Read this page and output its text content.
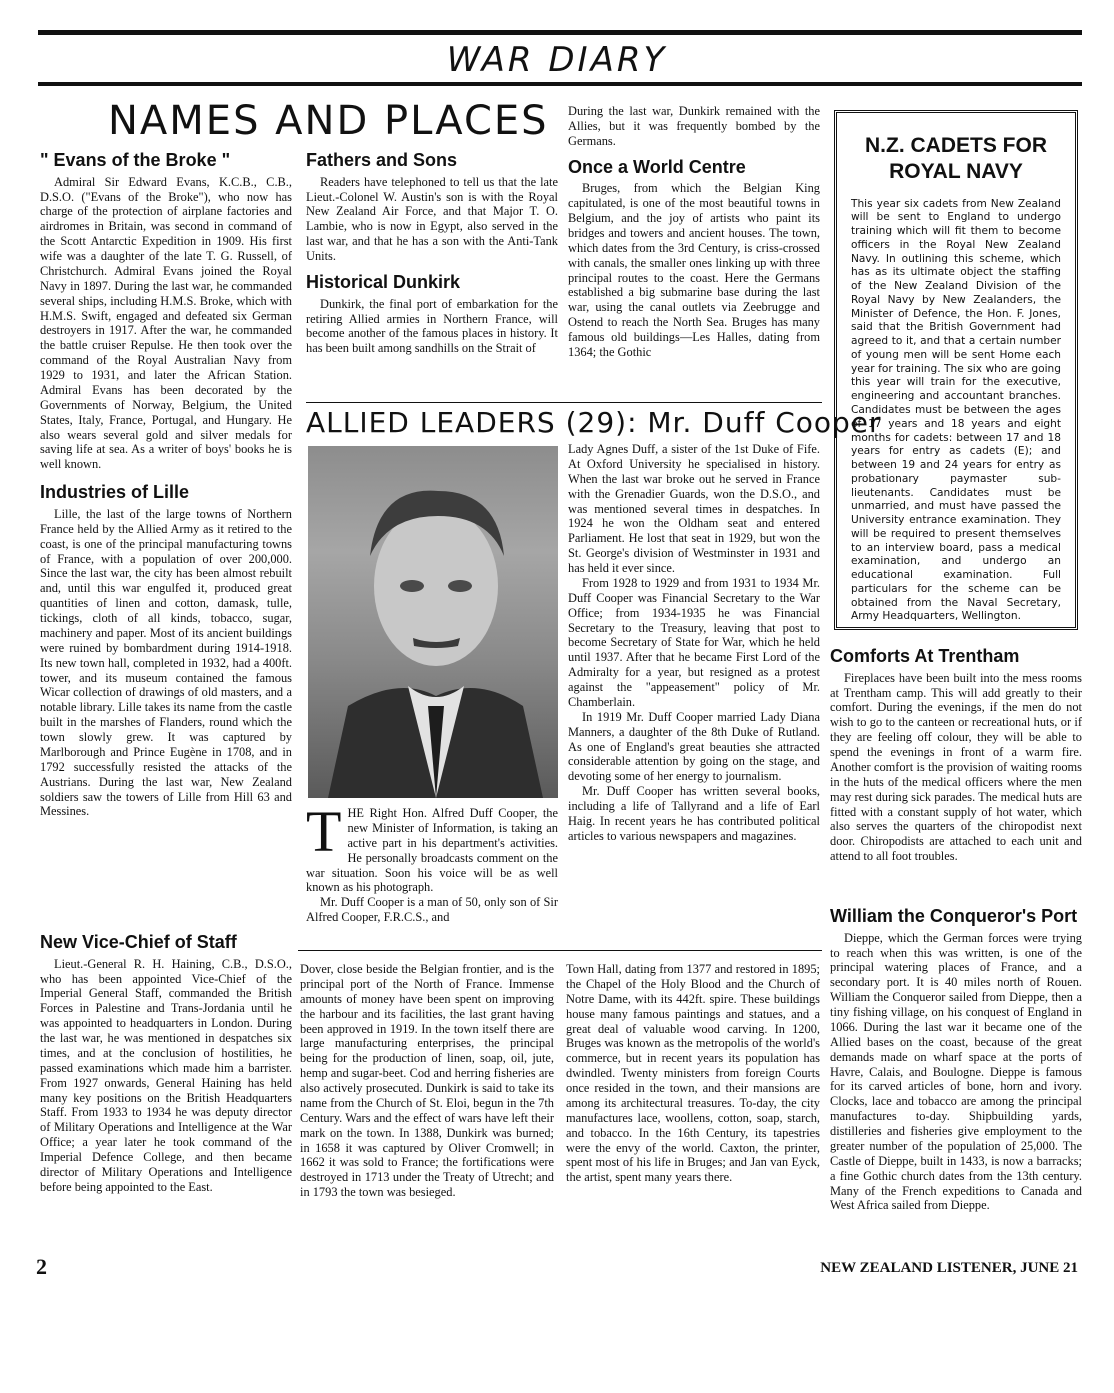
WAR DIARY
NAMES AND PLACES
" Evans of the Broke "

Admiral Sir Edward Evans, K.C.B., C.B., D.S.O. ("Evans of the Broke"), who now has charge of the protection of airplane factories and airdromes in Britain, was second in command of the Scott Antarctic Expedition in 1909. His first wife was a daughter of the late T. G. Russell, of Christchurch. Admiral Evans joined the Royal Navy in 1897. During the last war, he commanded several ships, including H.M.S. Broke, which with H.M.S. Swift, engaged and defeated six German destroyers in 1917. After the war, he commanded the battle cruiser Repulse. He then took over the command of the Royal Australian Navy from 1929 to 1931, and later the African Station. Admiral Evans has been decorated by the Governments of Norway, Belgium, the United States, Italy, France, Portugal, and Hungary. He also wears several gold and silver medals for saving life at sea. As a writer of boys' books he is well known.

Industries of Lille

Lille, the last of the large towns of Northern France held by the Allied Army as it retired to the coast, is one of the principal manufacturing towns of France, with a population of over 200,000. Since the last war, the city has been almost rebuilt and, until this war engulfed it, produced great quantities of linen and cotton, damask, tulle, tickings, cloth of all kinds, tobacco, sugar, machinery and paper. Most of its ancient buildings were ruined by bombardment during 1914-1918. Its new town hall, completed in 1932, had a 400ft. tower, and its museum contained the famous Wicar collection of drawings of old masters, and a notable library. Lille takes its name from the castle built in the marshes of Flanders, round which the town slowly grew. It was captured by Marlborough and Prince Eugène in 1708, and in 1792 successfully resisted the attacks of the Austrians. During the last war, New Zealand soldiers saw the towers of Lille from Hill 63 and Messines.

New Vice-Chief of Staff

Lieut.-General R. H. Haining, C.B., D.S.O., who has been appointed Vice-Chief of the Imperial General Staff, commanded the British Forces in Palestine and Trans-Jordania until he was appointed to headquarters in London. During the last war, he was mentioned in despatches six times, and at the conclusion of hostilities, he passed examinations which made him a barrister. From 1927 onwards, General Haining has held many key positions on the British Headquarters Staff. From 1933 to 1934 he was deputy director of Military Operations and Intelligence at the War Office; a year later he took command of the Imperial Defence College, and then became director of Military Operations and Intelligence before being appointed to the East.

Fathers and Sons

Readers have telephoned to tell us that the late Lieut.-Colonel W. Austin's son is with the Royal New Zealand Air Force, and that Major T. O. Lambie, who is now in Egypt, also served in the last war, and that he has a son with the Anti-Tank Units.

Historical Dunkirk

Dunkirk, the final port of embarkation for the retiring Allied armies in Northern France, will become another of the famous places in history. It has been built among sandhills on the Strait of

During the last war, Dunkirk remained with the Allies, but it was frequently bombed by the Germans.

Once a World Centre

Bruges, from which the Belgian King capitulated, is one of the most beautiful towns in Belgium, and the joy of artists who paint its bridges and towers and ancient houses. The town, which dates from the 3rd Century, is criss-crossed with canals, the smaller ones linking up with three principal routes to the coast. Here the Germans established a big submarine base during the last war, using the canal outlets via Zeebrugge and Ostend to reach the North Sea. Bruges has many famous old buildings—Les Halles, dating from 1364; the Gothic

ALLIED LEADERS (29): Mr. Duff Cooper
T HE Right Hon. Alfred Duff Cooper, the new Minister of Information, is taking an active part in his department's activities. He personally broadcasts comment on the war situation. Soon his voice will be as well known as his photograph.

Mr. Duff Cooper is a man of 50, only son of Sir Alfred Cooper, F.R.C.S., and

Lady Agnes Duff, a sister of the 1st Duke of Fife. At Oxford University he specialised in history. When the last war broke out he served in France with the Grenadier Guards, won the D.S.O., and was mentioned several times in despatches. In 1924 he won the Oldham seat and entered Parliament. He lost that seat in 1929, but won the St. George's division of Westminster in 1931 and has held it ever since.

From 1928 to 1929 and from 1931 to 1934 Mr. Duff Cooper was Financial Secretary to the War Office; from 1934-1935 he was Financial Secretary to the Treasury, leaving that post to become Secretary of State for War, which he held until 1937. After that he became First Lord of the Admiralty for a year, but resigned as a protest against the "appeasement" policy of Mr. Chamberlain.

In 1919 Mr. Duff Cooper married Lady Diana Manners, a daughter of the 8th Duke of Rutland. As one of England's great beauties she attracted considerable attention by going on the stage, and devoting some of her energy to journalism.

Mr. Duff Cooper has written several books, including a life of Tallyrand and a life of Earl Haig. In recent years he has contributed political articles to various newspapers and magazines.

N.Z. CADETS FOR
ROYAL NAVY

This year six cadets from New Zealand will be sent to England to undergo training which will fit them to become officers in the Royal New Zealand Navy. In outlining this scheme, which has as its ultimate object the staffing of the New Zealand Division of the Royal Navy by New Zealanders, the Minister of Defence, the Hon. F. Jones, said that the British Government had agreed to it, and that a certain number of young men will be sent Home each year for training. The six who are going this year will train for the executive, engineering and accountant branches. Candidates must be between the ages of 17 years and 18 years and eight months for cadets: between 17 and 18 years for entry as cadets (E); and between 19 and 24 years for entry as probationary paymaster sub-lieutenants. Candidates must be unmarried, and must have passed the University entrance examination. They will be required to present themselves to an interview board, pass a medical examination, and undergo an educational examination. Full particulars for the scheme can be obtained from the Naval Secretary, Army Headquarters, Wellington.

Comforts At Trentham

Fireplaces have been built into the mess rooms at Trentham camp. This will add greatly to their comfort. During the evenings, if the men do not wish to go to the canteen or recreational huts, or if they are feeling off colour, they will be able to spend the evenings in front of a warm fire. Another comfort is the provision of waiting rooms in the huts of the medical officers where the men may rest during sick parades. The medical huts are fitted with a constant supply of hot water, which also serves the quarters of the chiropodist next door. Chiropodists are attached to each unit and attend to all foot troubles.

William the Conqueror's Port

Dieppe, which the German forces were trying to reach when this was written, is one of the principal watering places of France, and a secondary port. It is 40 miles north of Rouen. William the Conqueror sailed from Dieppe, then a tiny fishing village, on his conquest of England in 1066. During the last war it became one of the Allied bases on the coast, because of the great demands made on wharf space at the ports of Havre, Calais, and Boulogne. Dieppe is famous for its carved articles of bone, horn and ivory. Clocks, lace and tobacco are among the principal manufactures to-day. Shipbuilding yards, distilleries and fisheries give employment to the greater number of the population of 25,000. The Castle of Dieppe, built in 1433, is now a barracks; a fine Gothic church dates from the 13th century. Many of the French expeditions to Canada and West Africa sailed from Dieppe.

Dover, close beside the Belgian frontier, and is the principal port of the North of France. Immense amounts of money have been spent on improving the harbour and its facilities, the last grant having been approved in 1919. In the town itself there are large manufacturing enterprises, the principal being for the production of linen, soap, oil, jute, hemp and sugar-beet. Cod and herring fisheries are also actively prosecuted. Dunkirk is said to take its name from the Church of St. Eloi, begun in the 7th Century. Wars and the effect of wars have left their mark on the town. In 1388, Dunkirk was burned; in 1658 it was captured by Oliver Cromwell; in 1662 it was sold to France; the fortifications were destroyed in 1713 under the Treaty of Utrecht; and in 1793 the town was besieged.

Town Hall, dating from 1377 and restored in 1895; the Chapel of the Holy Blood and the Church of Notre Dame, with its 442ft. spire. These buildings house many famous paintings and statues, and a great deal of valuable wood carving. In 1200, Bruges was known as the metropolis of the world's commerce, but in recent years its population has dwindled. Twenty ministers from foreign Courts once resided in the town, and their mansions are among its architectural treasures. To-day, the city manufactures lace, woollens, cotton, soap, starch, and tobacco. In the 16th Century, its tapestries were the envy of the world. Caxton, the printer, spent most of his life in Bruges; and Jan van Eyck, the artist, spent many years there.

2	NEW ZEALAND LISTENER, JUNE 21
